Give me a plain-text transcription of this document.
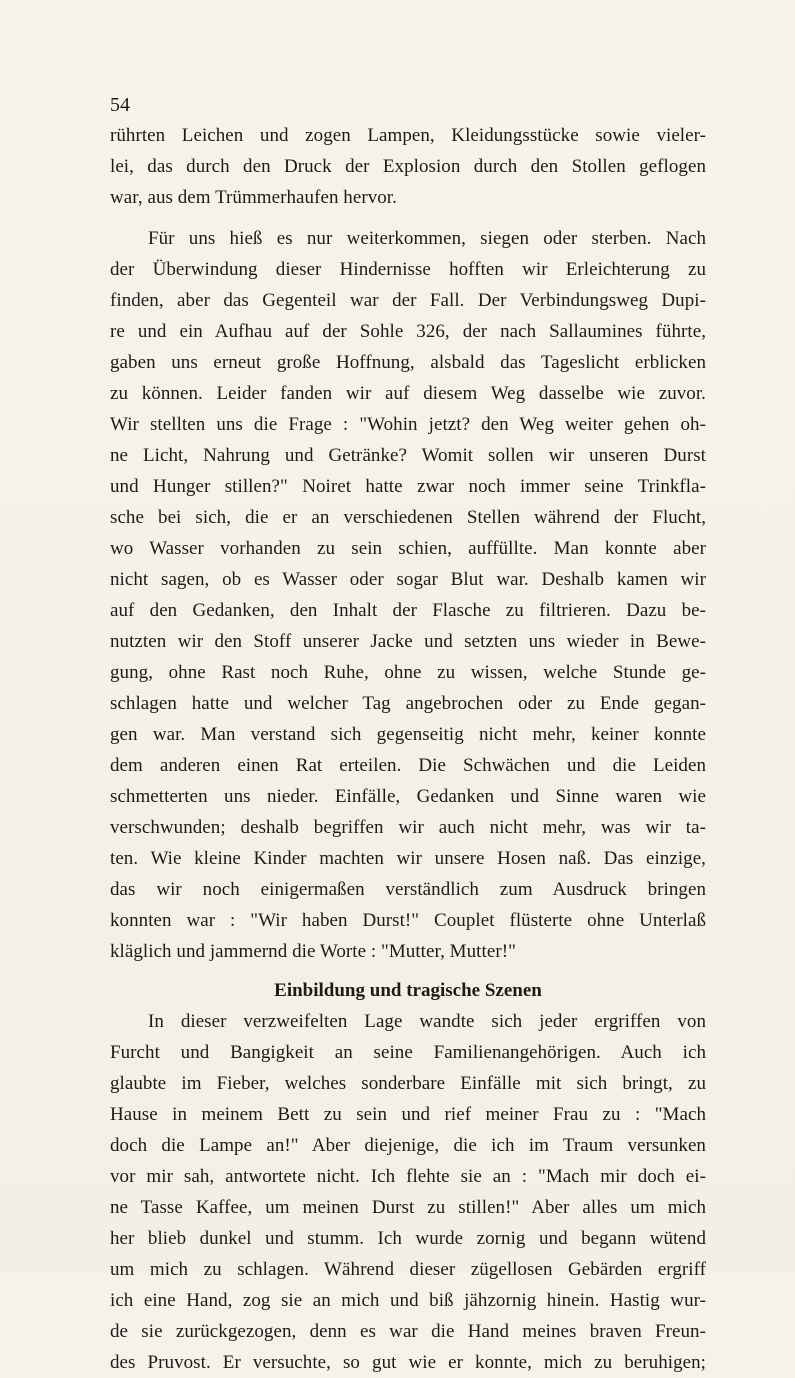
54
rührten Leichen und zogen Lampen, Kleidungsstücke sowie vieler-
lei, das durch den Druck der Explosion durch den Stollen geflogen
war, aus dem Trümmerhaufen hervor.
Für uns hieß es nur weiterkommen, siegen oder sterben. Nach
der Überwindung dieser Hindernisse hofften wir Erleichterung zu
finden, aber das Gegenteil war der Fall. Der Verbindungsweg Dupi-
re und ein Aufhau auf der Sohle 326, der nach Sallaumines führte,
gaben uns erneut große Hoffnung, alsbald das Tageslicht erblicken
zu können. Leider fanden wir auf diesem Weg dasselbe wie zuvor.
Wir stellten uns die Frage : "Wohin jetzt? den Weg weiter gehen oh-
ne Licht, Nahrung und Getränke? Womit sollen wir unseren Durst
und Hunger stillen?" Noiret hatte zwar noch immer seine Trinkfla-
sche bei sich, die er an verschiedenen Stellen während der Flucht,
wo Wasser vorhanden zu sein schien, auffüllte. Man konnte aber
nicht sagen, ob es Wasser oder sogar Blut war. Deshalb kamen wir
auf den Gedanken, den Inhalt der Flasche zu filtrieren. Dazu be-
nutzten wir den Stoff unserer Jacke und setzten uns wieder in Bewe-
gung, ohne Rast noch Ruhe, ohne zu wissen, welche Stunde ge-
schlagen hatte und welcher Tag angebrochen oder zu Ende gegan-
gen war. Man verstand sich gegenseitig nicht mehr, keiner konnte
dem anderen einen Rat erteilen. Die Schwächen und die Leiden
schmetterten uns nieder. Einfälle, Gedanken und Sinne waren wie
verschwunden; deshalb begriffen wir auch nicht mehr, was wir ta-
ten. Wie kleine Kinder machten wir unsere Hosen naß. Das einzige,
das wir noch einigermaßen verständlich zum Ausdruck bringen
konnten war : "Wir haben Durst!" Couplet flüsterte ohne Unterlaß
kläglich und jammernd die Worte : "Mutter, Mutter!"
Einbildung und tragische Szenen
In dieser verzweifelten Lage wandte sich jeder ergriffen von
Furcht und Bangigkeit an seine Familienangehörigen. Auch ich
glaubte im Fieber, welches sonderbare Einfälle mit sich bringt, zu
Hause in meinem Bett zu sein und rief meiner Frau zu : "Mach
doch die Lampe an!" Aber diejenige, die ich im Traum versunken
vor mir sah, antwortete nicht. Ich flehte sie an : "Mach mir doch ei-
ne Tasse Kaffee, um meinen Durst zu stillen!" Aber alles um mich
her blieb dunkel und stumm. Ich wurde zornig und begann wütend
um mich zu schlagen. Während dieser zügellosen Gebärden ergriff
ich eine Hand, zog sie an mich und biß jähzornig hinein. Hastig wur-
de sie zurückgezogen, denn es war die Hand meines braven Freun-
des Pruvost. Er versuchte, so gut wie er konnte, mich zu beruhigen;
